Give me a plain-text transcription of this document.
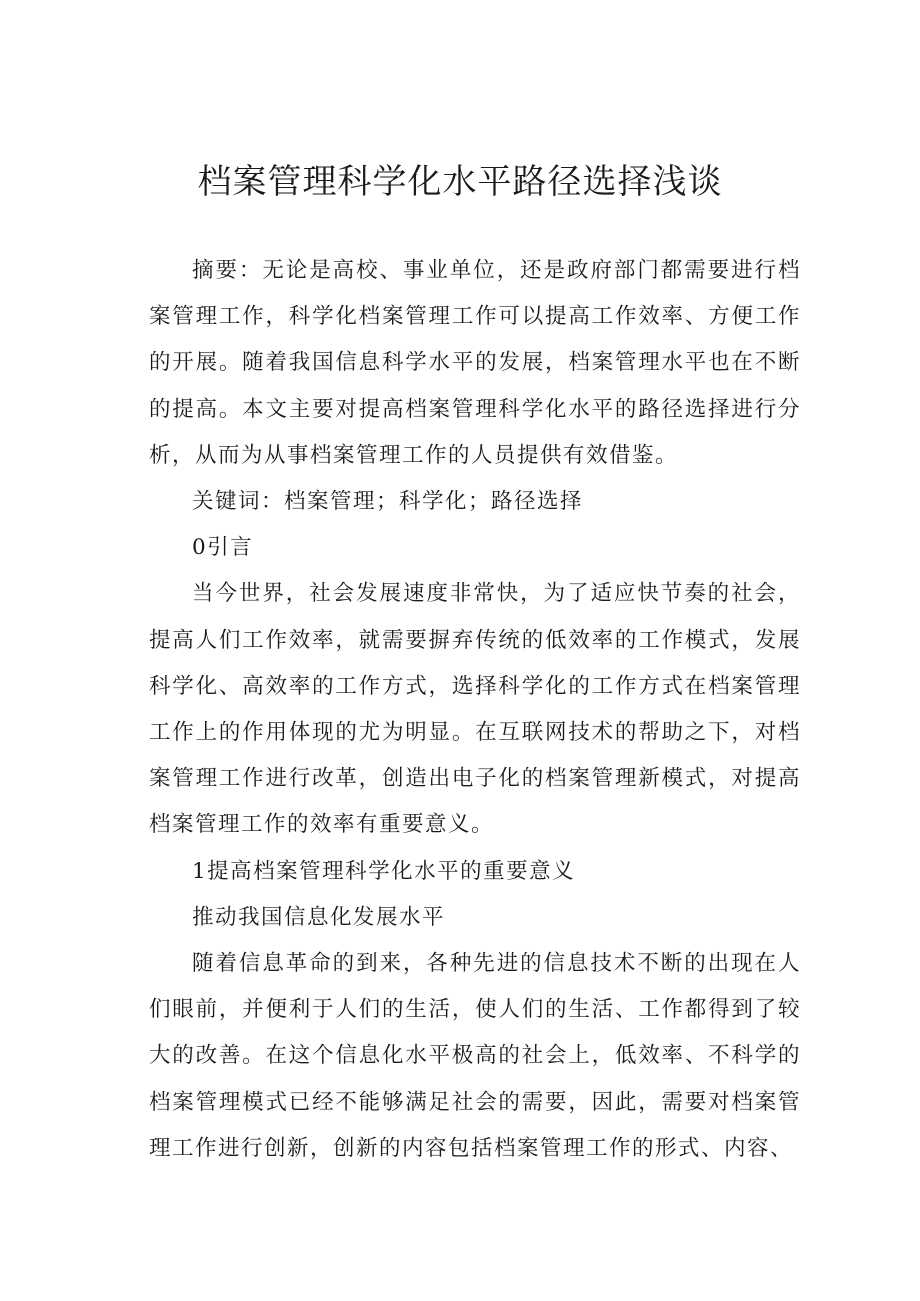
档案管理科学化水平路径选择浅谈

摘要：无论是高校、事业单位，还是政府部门都需要进行档案管理工作，科学化档案管理工作可以提高工作效率、方便工作的开展。随着我国信息科学水平的发展，档案管理水平也在不断的提高。本文主要对提高档案管理科学化水平的路径选择进行分析，从而为从事档案管理工作的人员提供有效借鉴。

关键词：档案管理；科学化；路径选择

0引言

当今世界，社会发展速度非常快，为了适应快节奏的社会，提高人们工作效率，就需要摒弃传统的低效率的工作模式，发展科学化、高效率的工作方式，选择科学化的工作方式在档案管理工作上的作用体现的尤为明显。在互联网技术的帮助之下，对档案管理工作进行改革，创造出电子化的档案管理新模式，对提高档案管理工作的效率有重要意义。

1提高档案管理科学化水平的重要意义

推动我国信息化发展水平

随着信息革命的到来，各种先进的信息技术不断的出现在人们眼前，并便利于人们的生活，使人们的生活、工作都得到了较大的改善。在这个信息化水平极高的社会上，低效率、不科学的档案管理模式已经不能够满足社会的需要，因此，需要对档案管理工作进行创新，创新的内容包括档案管理工作的形式、内容、
